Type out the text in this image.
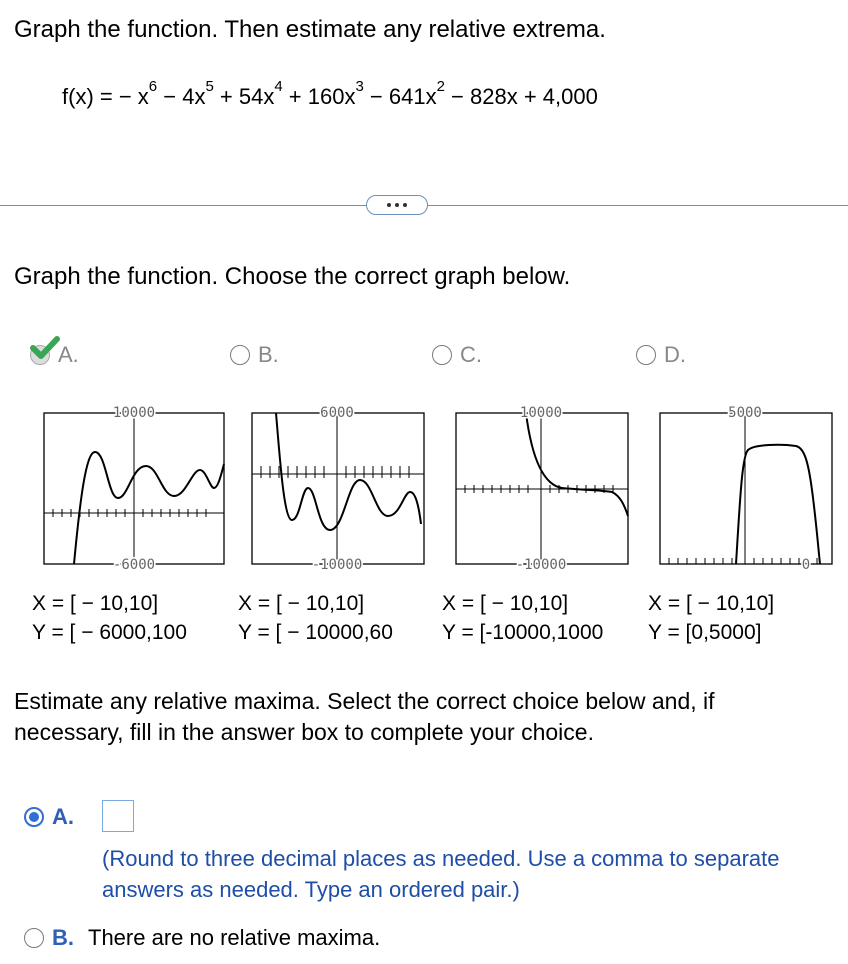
Graph the function. Then estimate any relative extrema.
f(x) = − $x^6 - 4x^5 + 54x^4 + 160x^3 - 641x^2 - 828x + 4,000$
Graph the function. Choose the correct graph below.
A.	B.	C.	D.
10000
-6000
6000
-10000
10000
-10000
5000
0
X = [ − 10,10]
Y = [ − 6000,100
X = [ − 10,10]
Y = [ − 10000,60
X = [ − 10,10]
Y = [-10000,1000
X = [ − 10,10]
Y = [0,5000]
Estimate any relative maxima. Select the correct choice below and, if necessary, fill in the answer box to complete your choice.
A.
(Round to three decimal places as needed. Use a comma to separate answers as needed. Type an ordered pair.)
B. There are no relative maxima.
